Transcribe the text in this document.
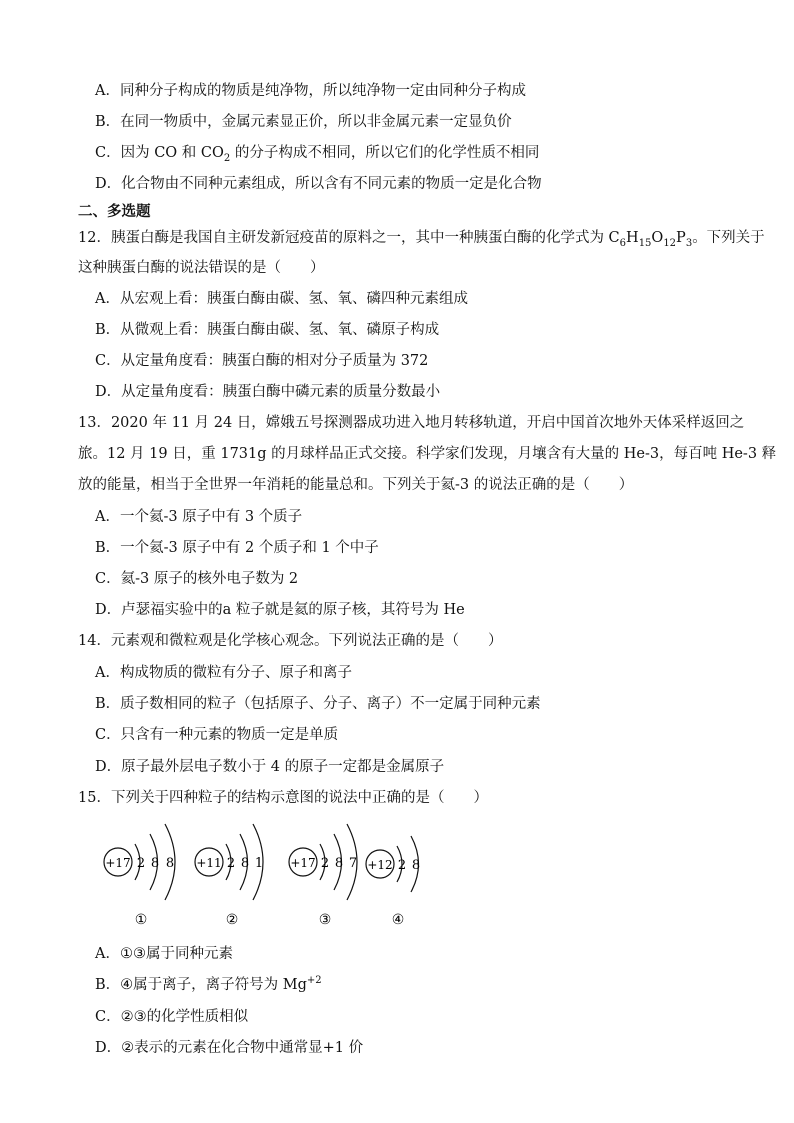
A．同种分子构成的物质是纯净物，所以纯净物一定由同种分子构成
B．在同一物质中，金属元素显正价，所以非金属元素一定显负价
C．因为 CO 和 $CO_2$ 的分子构成不相同，所以它们的化学性质不相同
D．化合物由不同种元素组成，所以含有不同元素的物质一定是化合物
二、多选题
12．胰蛋白酶是我国自主研发新冠疫苗的原料之一，其中一种胰蛋白酶的化学式为 $C_6H_{15}O_{12}P_3$。下列关于
这种胰蛋白酶的说法错误的是（　　）
A．从宏观上看：胰蛋白酶由碳、氢、氧、磷四种元素组成
B．从微观上看：胰蛋白酶由碳、氢、氧、磷原子构成
C．从定量角度看：胰蛋白酶的相对分子质量为 372
D．从定量角度看：胰蛋白酶中磷元素的质量分数最小
13．2020 年 11 月 24 日，嫦娥五号探测器成功进入地月转移轨道，开启中国首次地外天体采样返回之
旅。12 月 19 日，重 1731g 的月球样品正式交接。科学家们发现，月壤含有大量的 He-3，每百吨 He-3 释
放的能量，相当于全世界一年消耗的能量总和。下列关于氦-3 的说法正确的是（　　）
A．一个氦-3 原子中有 3 个质子
B．一个氦-3 原子中有 2 个质子和 1 个中子
C．氦-3 原子的核外电子数为 2
D．卢瑟福实验中的a 粒子就是氦的原子核，其符号为 He
14．元素观和微粒观是化学核心观念。下列说法正确的是（　　）
A．构成物质的微粒有分子、原子和离子
B．质子数相同的粒子（包括原子、分子、离子）不一定属于同种元素
C．只含有一种元素的物质一定是单质
D．原子最外层电子数小于 4 的原子一定都是金属原子
15．下列关于四种粒子的结构示意图的说法中正确的是（　　）
+17 2 8 8
①
+11 2 8 1
②
+17 2 8 7
③
+12 2 8
④
A．①③属于同种元素
B．④属于离子，离子符号为 $Mg^{+2}$
C．②③的化学性质相似
D．②表示的元素在化合物中通常显+1 价
